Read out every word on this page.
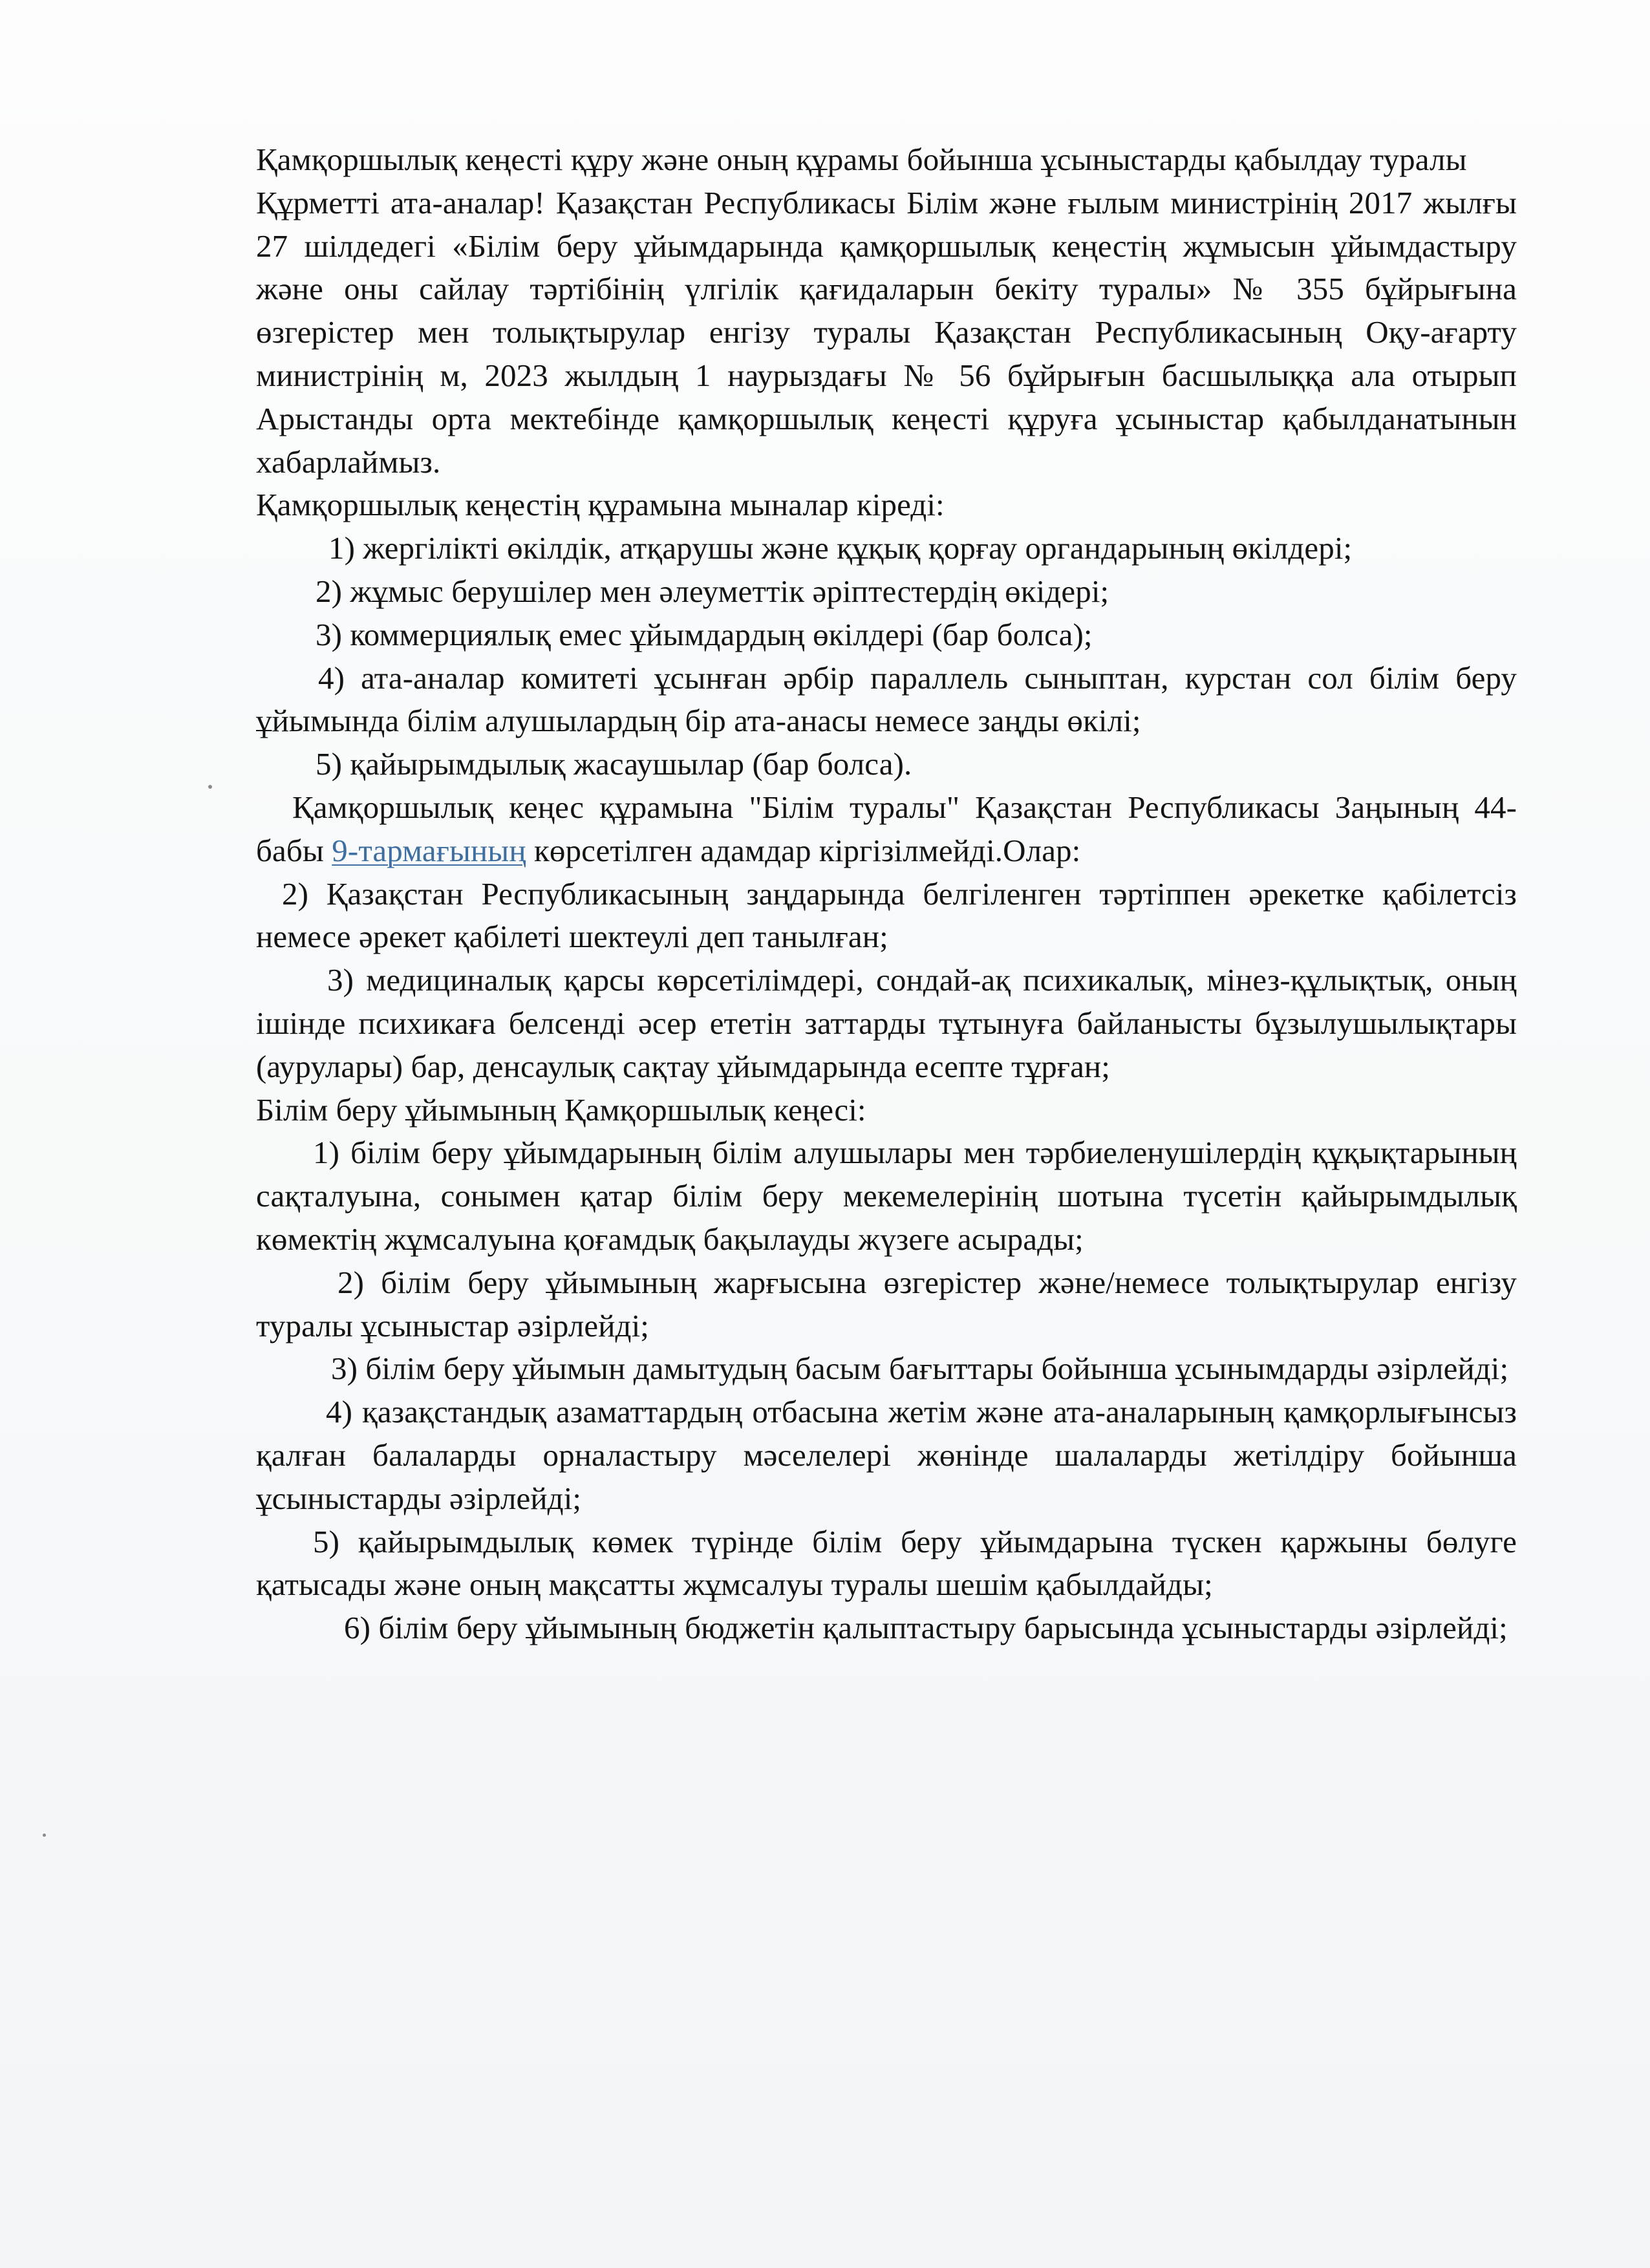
Қамқоршылық кеңесті құру және оның құрамы бойынша ұсыныстарды қабылдау туралы

Құрметті ата-аналар! Қазақстан Республикасы Білім және ғылым министрінің 2017 жылғы 27 шілдедегі «Білім беру ұйымдарында қамқоршылық кеңестің жұмысын ұйымдастыру және оны сайлау тәртібінің үлгілік қағидаларын бекіту туралы» № 355 бұйрығына өзгерістер мен толықтырулар енгізу туралы Қазақстан Республикасының Оқу-ағарту министрінің м, 2023 жылдың 1 наурыздағы № 56 бұйрығын басшылыққа ала отырып Арыстанды орта мектебінде қамқоршылық кеңесті құруға ұсыныстар қабылданатынын хабарлаймыз.

Қамқоршылық кеңестің құрамына мыналар кіреді:

1) жергілікті өкілдік, атқарушы және құқық қорғау органдарының өкілдері;

2) жұмыс берушілер мен әлеуметтік әріптестердің өкідері;

3) коммерциялық емес ұйымдардың өкілдері (бар болса);

4) ата-аналар комитеті ұсынған әрбір параллель сыныптан, курстан сол білім беру ұйымында білім алушылардың бір ата-анасы немесе заңды өкілі;

5) қайырымдылық жасаушылар (бар болса).

Қамқоршылық кеңес құрамына "Білім туралы" Қазақстан Республикасы Заңының 44-бабы 9-тармағының көрсетілген адамдар кіргізілмейді.Олар:

2) Қазақстан Республикасының заңдарында белгіленген тәртіппен әрекетке қабілетсіз немесе әрекет қабілеті шектеулі деп танылған;

3) медициналық қарсы көрсетілімдері, сондай-ақ психикалық, мінез-құлықтық, оның ішінде психикаға белсенді әсер ететін заттарды тұтынуға байланысты бұзылушылықтары (аурулары) бар, денсаулық сақтау ұйымдарында есепте тұрған;

Білім беру ұйымының Қамқоршылық кеңесі:

1) білім беру ұйымдарының білім алушылары мен тәрбиеленушілердің құқықтарының сақталуына, сонымен қатар білім беру мекемелерінің шотына түсетін қайырымдылық көмектің жұмсалуына қоғамдық бақылауды жүзеге асырады;

2) білім беру ұйымының жарғысына өзгерістер және/немесе толықтырулар енгізу туралы ұсыныстар әзірлейді;

3) білім беру ұйымын дамытудың басым бағыттары бойынша ұсынымдарды әзірлейді;

4) қазақстандық азаматтардың отбасына жетім және ата-аналарының қамқорлығынсыз қалған балаларды орналастыру мәселелері жөнінде шалаларды жетілдіру бойынша ұсыныстарды әзірлейді;

5) қайырымдылық көмек түрінде білім беру ұйымдарына түскен қаржыны бөлуге қатысады және оның мақсатты жұмсалуы туралы шешім қабылдайды;

6) білім беру ұйымының бюджетін қалыптастыру барысында ұсыныстарды әзірлейді;
